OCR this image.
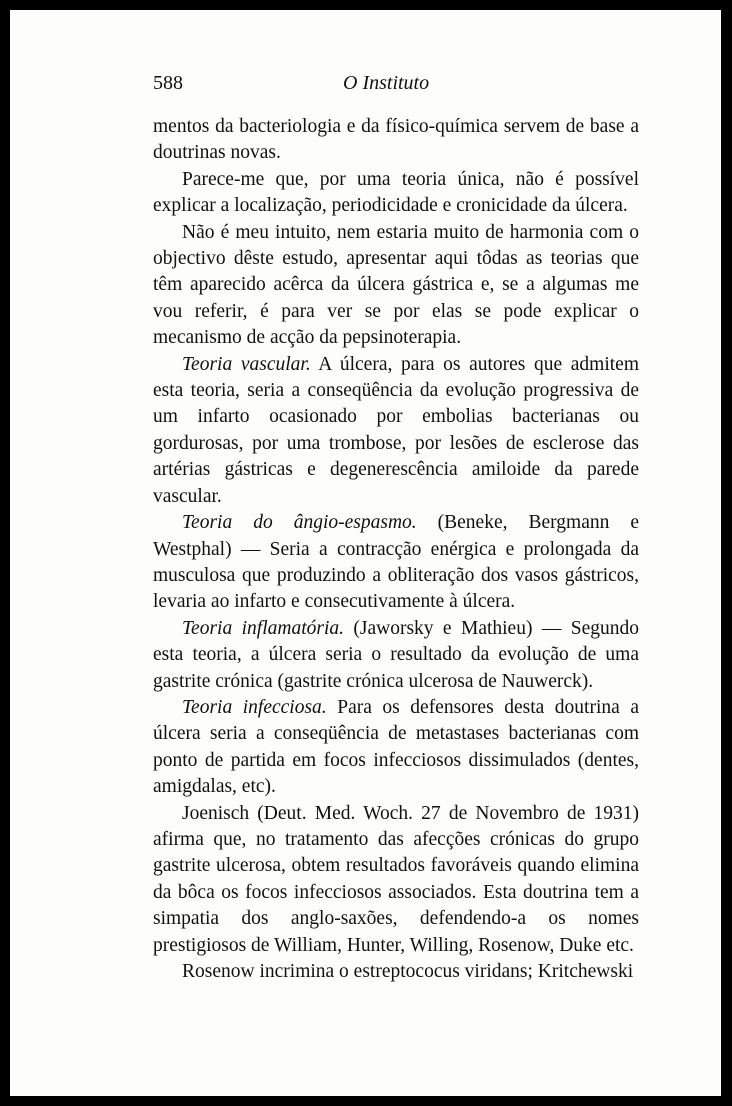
588	O Instituto

mentos da bacteriologia e da físico-química servem de base a doutrinas novas.

Parece-me que, por uma teoria única, não é possível explicar a localização, periodicidade e cronicidade da úlcera.

Não é meu intuito, nem estaria muito de harmonia com o objectivo dêste estudo, apresentar aqui tôdas as teorias que têm aparecido acêrca da úlcera gástrica e, se a algumas me vou referir, é para ver se por elas se pode explicar o mecanismo de acção da pepsinoterapia.

Teoria vascular. A úlcera, para os autores que admitem esta teoria, seria a conseqüência da evolução progressiva de um infarto ocasionado por embolias bacterianas ou gordurosas, por uma trombose, por lesões de esclerose das artérias gástricas e degenerescência amiloide da parede vascular.

Teoria do ângio-espasmo. (Beneke, Bergmann e Westphal) — Seria a contracção enérgica e prolongada da musculosa que produzindo a obliteração dos vasos gástricos, levaria ao infarto e consecutivamente à úlcera.

Teoria inflamatória. (Jaworsky e Mathieu) — Segundo esta teoria, a úlcera seria o resultado da evolução de uma gastrite crónica (gastrite crónica ulcerosa de Nauwerck).

Teoria infecciosa. Para os defensores desta doutrina a úlcera seria a conseqüência de metastases bacterianas com ponto de partida em focos infecciosos dissimulados (dentes, amigdalas, etc).

Joenisch (Deut. Med. Woch. 27 de Novembro de 1931) afirma que, no tratamento das afecções crónicas do grupo gastrite ulcerosa, obtem resultados favoráveis quando elimina da bôca os focos infecciosos associados. Esta doutrina tem a simpatia dos anglo-saxões, defendendo-a os nomes prestigiosos de William, Hunter, Willing, Rosenow, Duke etc.

Rosenow incrimina o estreptococus viridans; Kritchewski
